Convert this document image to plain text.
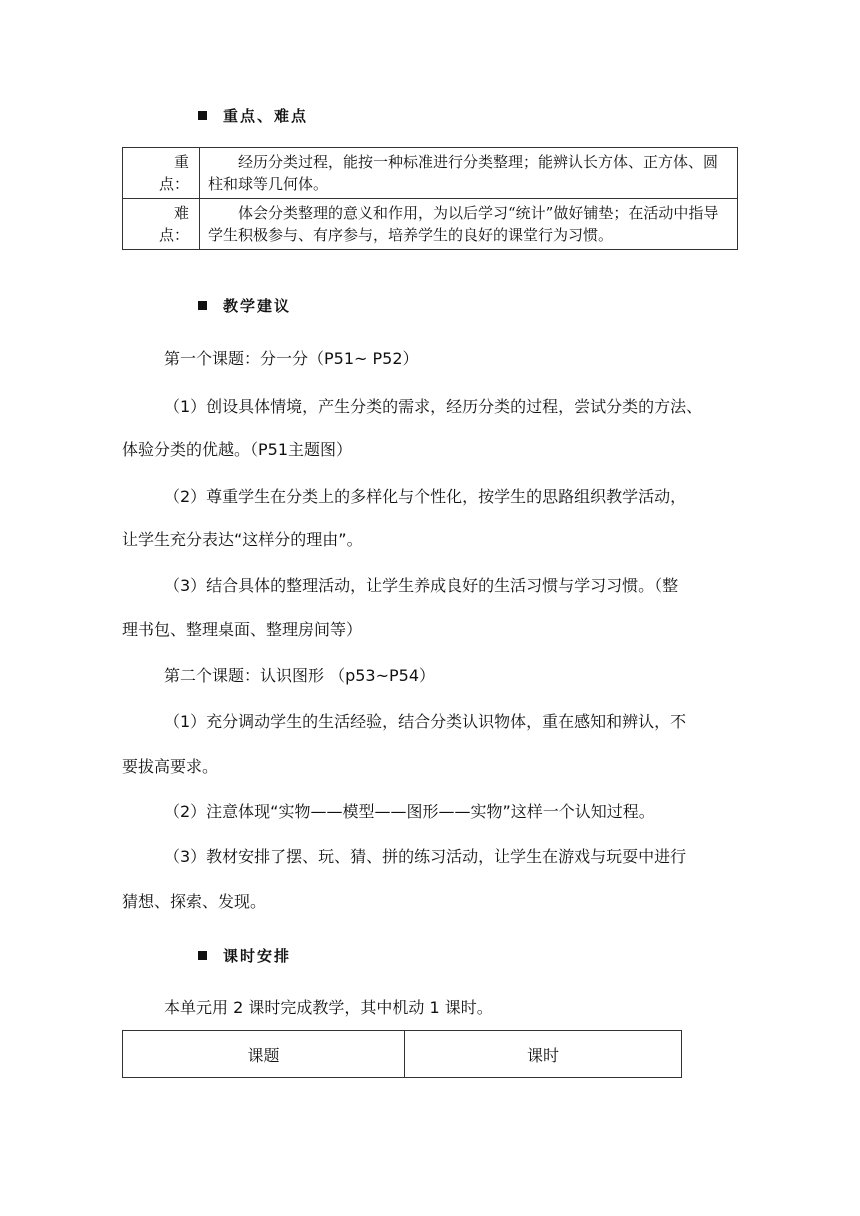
重点、难点
重
点：	经历分类过程，能按一种标准进行分类整理；能辨认长方体、正方体、圆柱和球等几何体。

难
点：	体会分类整理的意义和作用，为以后学习“统计”做好铺垫；在活动中指导学生积极参与、有序参与，培养学生的良好的课堂行为习惯。
教学建议
第一个课题：分一分（P51~ P52）
（1）创设具体情境，产生分类的需求，经历分类的过程，尝试分类的方法、
体验分类的优越。（P51主题图）
（2）尊重学生在分类上的多样化与个性化，按学生的思路组织教学活动，
让学生充分表达“这样分的理由”。
（3）结合具体的整理活动，让学生养成良好的生活习惯与学习习惯。（整
理书包、整理桌面、整理房间等）
第二个课题：认识图形 （p53~P54）
（1）充分调动学生的生活经验，结合分类认识物体，重在感知和辨认，不
要拔高要求。
（2）注意体现“实物——模型——图形——实物”这样一个认知过程。
（3）教材安排了摆、玩、猜、拼的练习活动，让学生在游戏与玩耍中进行
猜想、探索、发现。
课时安排
本单元用 2 课时完成教学，其中机动 1 课时。
课题	课时
